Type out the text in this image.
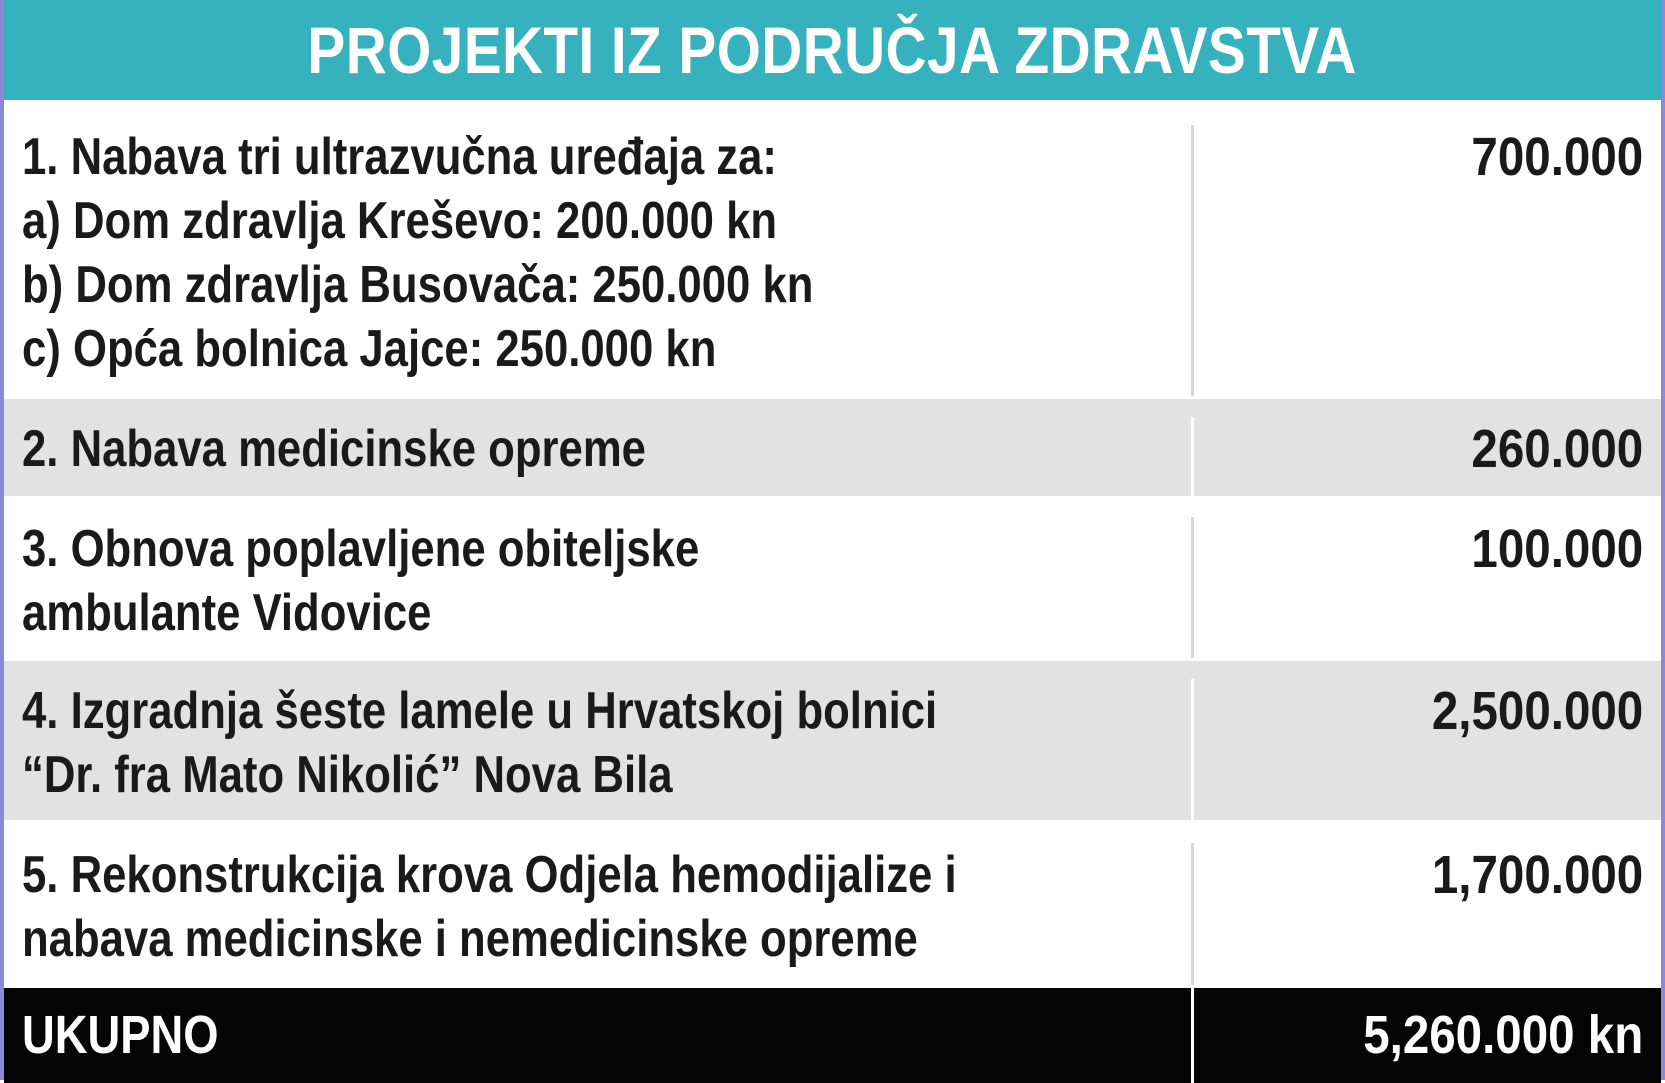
PROJEKTI IZ PODRUČJA ZDRAVSTVA
1. Nabava tri ultrazvučna uređaja za:
a) Dom zdravlja Kreševo: 200.000 kn
b) Dom zdravlja Busovača: 250.000 kn
c) Opća bolnica Jajce: 250.000 kn
700.000
2. Nabava medicinske opreme	260.000
3. Obnova poplavljene obiteljske
ambulante Vidovice
100.000
4. Izgradnja šeste lamele u Hrvatskoj bolnici
“Dr. fra Mato Nikolić” Nova Bila
2,500.000
5. Rekonstrukcija krova Odjela hemodijalize i
nabava medicinske i nemedicinske opreme
1,700.000
UKUPNO	5,260.000 kn
